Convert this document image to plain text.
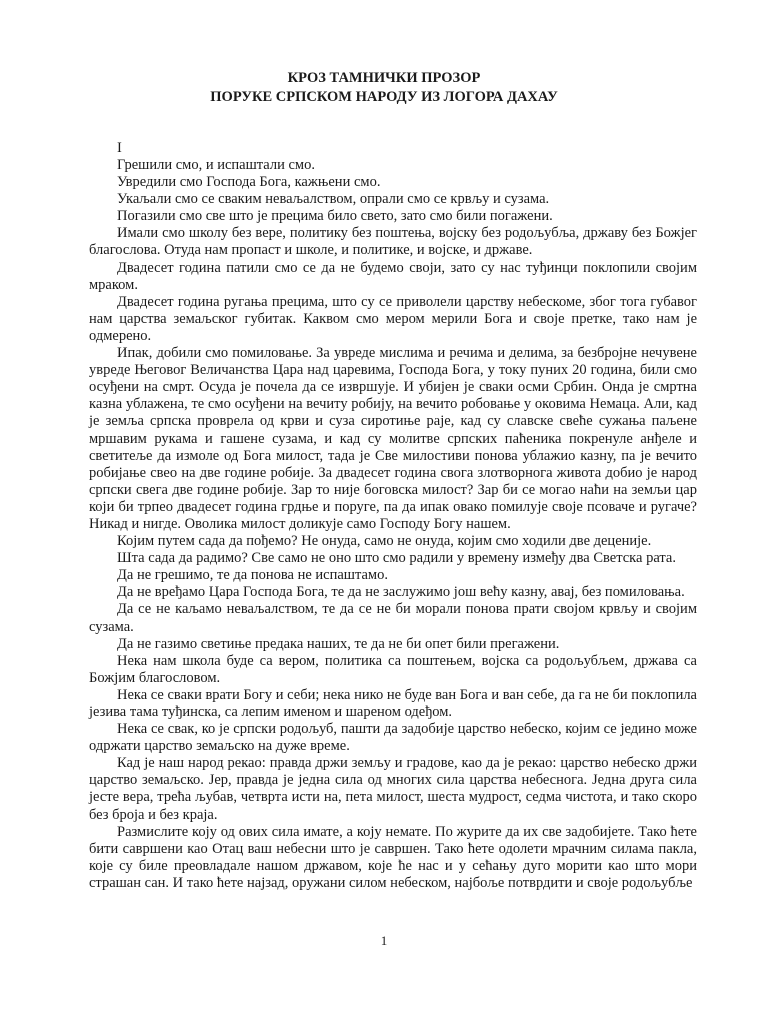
КРОЗ ТАМНИЧКИ ПРОЗОР
ПОРУКЕ СРПСКОМ НАРОДУ ИЗ ЛОГОРА ДАХАУ
I

Грешили смо, и испаштали смо.

Увредили смо Господа Бога, кажњени смо.

Укаљали смо се сваким неваљалством, опрали смо се крвљу и сузама.

Погазили смо све што је прецима било свето, зато смо били погажени.

Имали смо школу без вере, политику без поштења, војску без родољубља, државу без Божјег благослова. Отуда нам пропаст и школе, и политике, и војске, и државе.

Двадесет година патили смо се да не будемо своји, зато су нас туђинци поклопили својим мраком.

Двадесет година ругања прецима, што су се приволели царству небескоме, због тога губавог нам царства земаљског губитак. Каквом смо мером мерили Бога и своје претке, тако нам је одмерено.

Ипак, добили смо помиловање. За увреде мислима и речима и делима, за безбројне нечувене увреде Његовог Величанства Цара над царевима, Господа Бога, у току пуних 20 година, били смо осуђени на смрт. Осуда је почела да се извршује. И убијен је сваки осми Србин. Онда је смртна казна ублажена, те смо осуђени на вечиту робију, на вечито робовање у оковима Немаца. Али, кад је земља српска проврела од крви и суза сиротиње раје, кад су славске свеће сужања паљене мршавим рукама и гашене сузама, и кад су молитве српских паћеника покренуле анђеле и светитеље да измоле од Бога милост, тада је Све милостиви понова ублажио казну, па је вечито робијање свео на две године робије. За двадесет година свога злотворнога живота добио је народ српски свега две године робије. Зар то није боговска милост? Зар би се могао наћи на земљи цар који би трпео двадесет година грдње и поруге, па да ипак овако помилује своје псоваче и ругаче? Никад и нигде. Оволика милост доликује само Господу Богу нашем.

Којим путем сада да пођемо? Не онуда, само не онуда, којим смо ходили две деценије.

Шта сада да радимо? Све само не оно што смо радили у времену између два Светска рата.

Да не грешимо, те да понова не испаштамо.

Да не вређамо Цара Господа Бога, те да не заслужимо још већу казну, авај, без помиловања.

Да се не каљамо неваљалством, те да се не би морали понова прати својом крвљу и својим сузама.

Да не газимо светиње предака наших, те да не би опет били прегажени.

Нека нам школа буде са вером, политика са поштењем, војска са родољубљем, држава са Божјим благословом.

Нека се сваки врати Богу и себи; нека нико не буде ван Бога и ван себе, да га не би поклопила језива тама туђинска, са лепим именом и шареном одеђом.

Нека се свак, ко је српски родољуб, пашти да задобије царство небеско, којим се једино може одржати царство земаљско на дуже време.

Кад је наш народ рекао: правда држи земљу и градове, као да је рекао: царство небеско држи царство земаљско. Јер, правда је једна сила од многих сила царства небеснога. Једна друга сила јесте вера, трећа љубав, четврта исти на, пета милост, шеста мудрост, седма чистота, и тако скоро без броја и без краја.

Размислите коју од ових сила имате, а коју немате. По журите да их све задобијете. Тако ћете бити савршени као Отац ваш небесни што је савршен. Тако ћете одолети мрачним силама пакла, које су биле преовладале нашом државом, које ће нас и у сећању дуго морити као што мори страшан сан. И тако ћете најзад, оружани силом небеском, најбоље потврдити и своје родољубље

1
